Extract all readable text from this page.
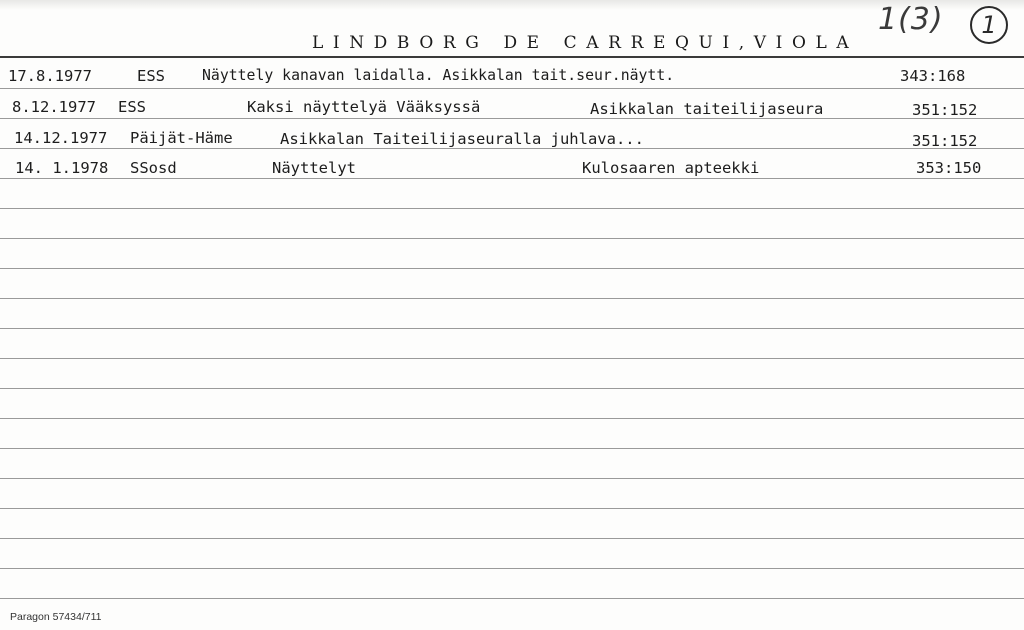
LINDBORG DE CARREQUI,VIOLA
1(3)	1
17.8.1977	ESS	Näyttely kanavan laidalla. Asikkalan tait.seur.näytt.	343:168
8.12.1977 ESS	Kaksi näyttelyä Vääksyssä	Asikkalan taiteilijaseura	351:152
14.12.1977 Päijät-Häme	Asikkalan Taiteilijaseuralla juhlava...	351:152
14. 1.1978 SSosd	Näyttelyt	Kulosaaren apteekki	353:150
Paragon 57434/711
